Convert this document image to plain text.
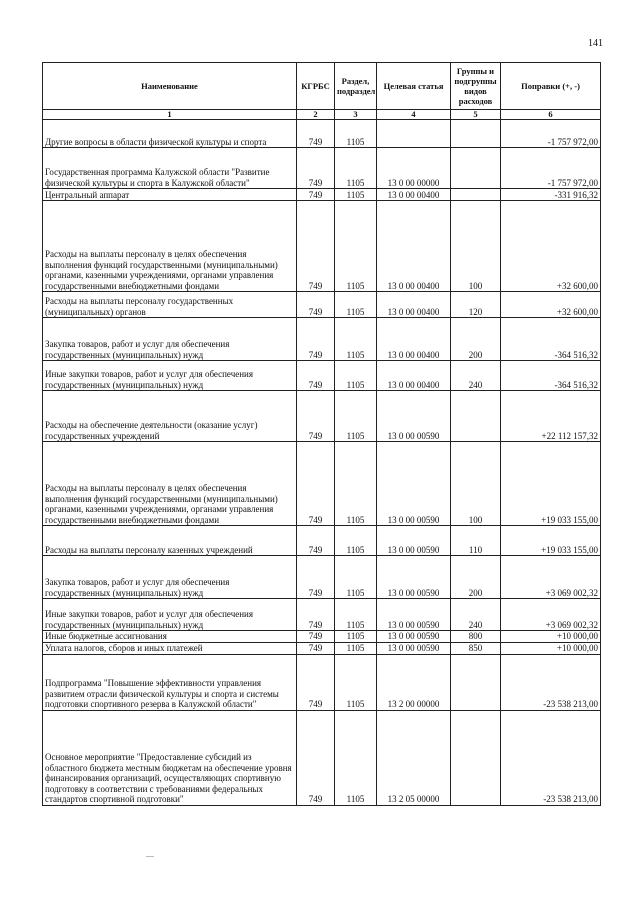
141
Наименование	КГРБС	Раздел, подраздел	Целевая статья	Группы и подгруппы видов расходов	Поправки (+, -)
1	2	3	4	5	6
Другие вопросы в области физической культуры и спорта	749	1105			-1 757 972,00
Государственная программа Калужской области "Развитие физической культуры и спорта в Калужской области"	749	1105	13 0 00 00000		-1 757 972,00
Центральный аппарат	749	1105	13 0 00 00400		-331 916,32
Расходы на выплаты персоналу в целях обеспечения выполнения функций государственными (муниципальными) органами, казенными учреждениями, органами управления государственными внебюджетными фондами	749	1105	13 0 00 00400	100	+32 600,00
Расходы на выплаты персоналу государственных (муниципальных) органов	749	1105	13 0 00 00400	120	+32 600,00
Закупка товаров, работ и услуг для обеспечения государственных (муниципальных) нужд	749	1105	13 0 00 00400	200	-364 516,32
Иные закупки товаров, работ и услуг для обеспечения государственных (муниципальных) нужд	749	1105	13 0 00 00400	240	-364 516,32
Расходы на обеспечение деятельности (оказание услуг) государственных учреждений	749	1105	13 0 00 00590		+22 112 157,32
Расходы на выплаты персоналу в целях обеспечения выполнения функций государственными (муниципальными) органами, казенными учреждениями, органами управления государственными внебюджетными фондами	749	1105	13 0 00 00590	100	+19 033 155,00
Расходы на выплаты персоналу казенных учреждений	749	1105	13 0 00 00590	110	+19 033 155,00
Закупка товаров, работ и услуг для обеспечения государственных (муниципальных) нужд	749	1105	13 0 00 00590	200	+3 069 002,32
Иные закупки товаров, работ и услуг для обеспечения государственных (муниципальных) нужд	749	1105	13 0 00 00590	240	+3 069 002,32
Иные бюджетные ассигнования	749	1105	13 0 00 00590	800	+10 000,00
Уплата налогов, сборов и иных платежей	749	1105	13 0 00 00590	850	+10 000,00
Подпрограмма "Повышение эффективности управления развитием отрасли физической культуры и спорта и системы подготовки спортивного резерва в Калужской области"	749	1105	13 2 00 00000		-23 538 213,00
Основное мероприятие "Предоставление субсидий из областного бюджета местным бюджетам на обеспечение уровня финансирования организаций, осуществляющих спортивную подготовку в соответствии с требованиями федеральных стандартов спортивной подготовки"	749	1105	13 2 05 00000		-23 538 213,00
